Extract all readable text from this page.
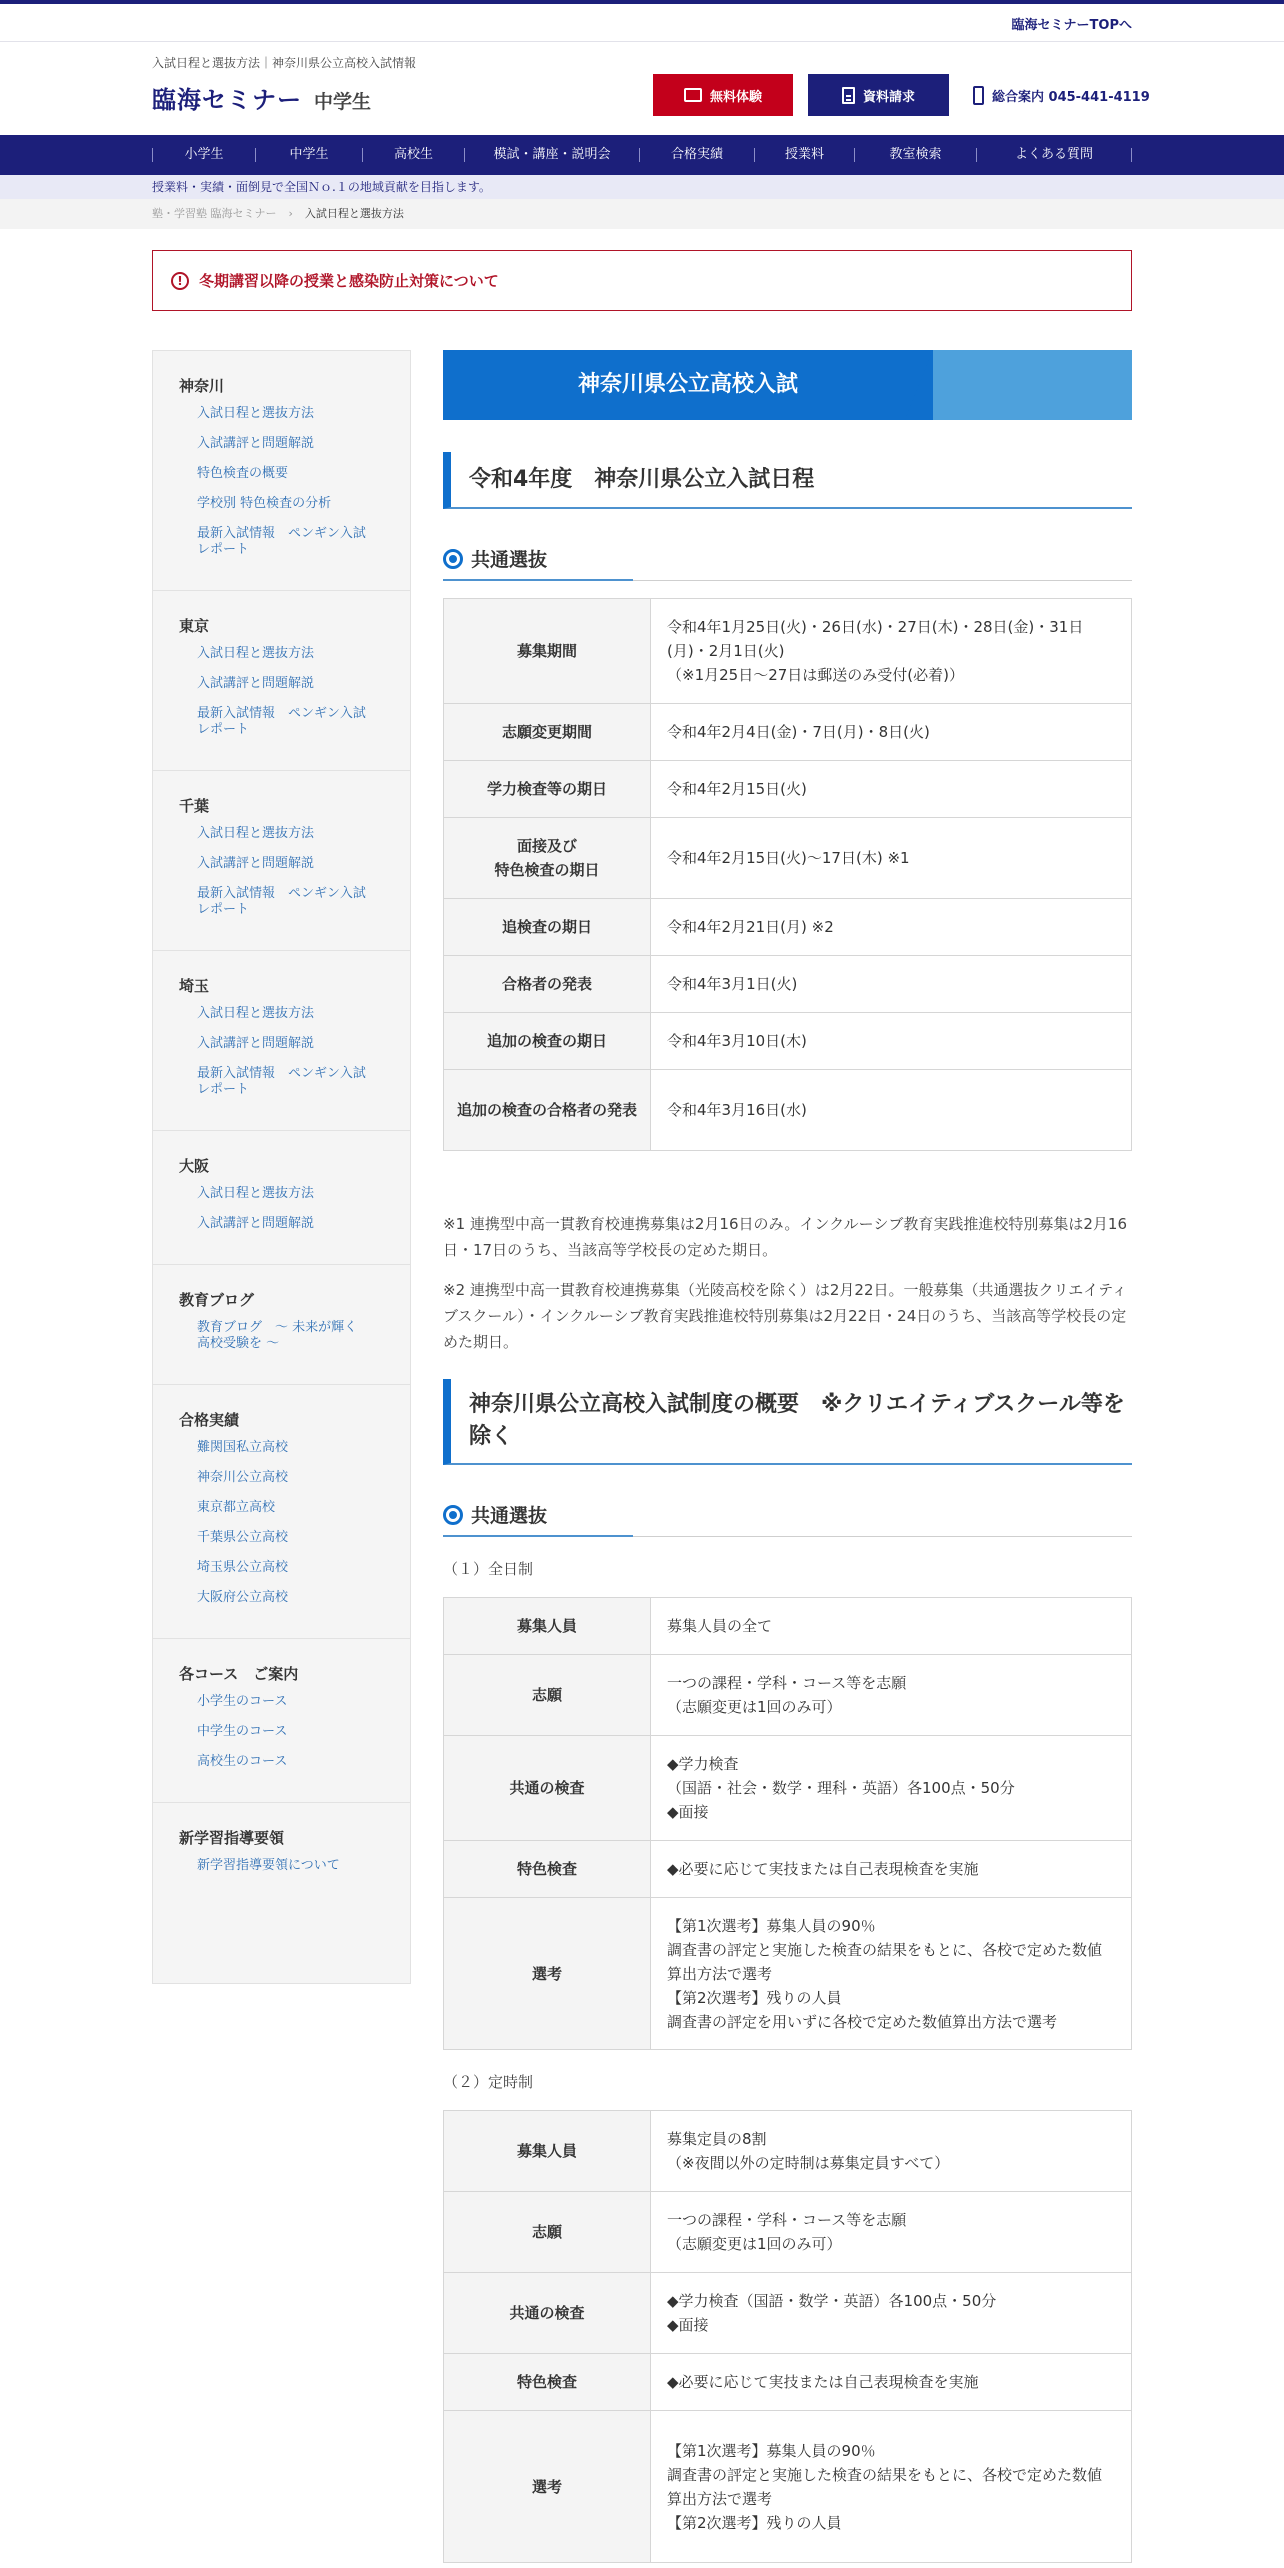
臨海セミナーTOPへ
入試日程と選抜方法｜神奈川県公立高校入試情報
臨海セミナー 中学生	無料体験	資料請求	総合案内 045-441-4119
小学生	中学生	高校生	模試・講座・説明会	合格実績	授業料	教室検索	よくある質問
授業料・実績・面倒見で全国Ｎｏ.１の地域貢献を目指します。
塾・学習塾 臨海セミナー › 入試日程と選抜方法
!	冬期講習以降の授業と感染防止対策について
神奈川
入試日程と選抜方法
入試講評と問題解説
特色検査の概要
学校別 特色検査の分析
最新入試情報　ペンギン入試レポート
東京
入試日程と選抜方法
入試講評と問題解説
最新入試情報　ペンギン入試レポート
千葉
入試日程と選抜方法
入試講評と問題解説
最新入試情報　ペンギン入試レポート
埼玉
入試日程と選抜方法
入試講評と問題解説
最新入試情報　ペンギン入試レポート
大阪
入試日程と選抜方法
入試講評と問題解説
教育ブログ
教育ブログ　～ 未来が輝く高校受験を ～
合格実績
難関国私立高校
神奈川公立高校
東京都立高校
千葉県公立高校
埼玉県公立高校
大阪府公立高校
各コース　ご案内
小学生のコース
中学生のコース
高校生のコース
新学習指導要領
新学習指導要領について
神奈川県公立高校入試
令和4年度　神奈川県公立入試日程
共通選抜
募集期間	令和4年1月25日(火)・26日(水)・27日(木)・28日(金)・31日(月)・2月1日(火)
（※1月25日～27日は郵送のみ受付(必着)）
志願変更期間	令和4年2月4日(金)・7日(月)・8日(火)
学力検査等の期日	令和4年2月15日(火)
面接及び
特色検査の期日	令和4年2月15日(火)〜17日(木) ※1
追検査の期日	令和4年2月21日(月) ※2
合格者の発表	令和4年3月1日(火)
追加の検査の期日	令和4年3月10日(木)
追加の検査の合格者の発表	令和4年3月16日(水)

※1 連携型中高一貫教育校連携募集は2月16日のみ。インクルーシブ教育実践推進校特別募集は2月16日・17日のうち、当該高等学校長の定めた期日。

※2 連携型中高一貫教育校連携募集（光陵高校を除く）は2月22日。一般募集（共通選抜クリエイティブスクール）・インクルーシブ教育実践推進校特別募集は2月22日・24日のうち、当該高等学校長の定めた期日。

神奈川県公立高校入試制度の概要　※クリエイティブスクール等を除く
共通選抜

（１）全日制

募集人員	募集人員の全て
志願	一つの課程・学科・コース等を志願
（志願変更は1回のみ可）
共通の検査	◆学力検査
（国語・社会・数学・理科・英語）各100点・50分
◆面接
特色検査	◆必要に応じて実技または自己表現検査を実施
選考	【第1次選考】募集人員の90％
調査書の評定と実施した検査の結果をもとに、各校で定めた数値算出方法で選考
【第2次選考】残りの人員
調査書の評定を用いずに各校で定めた数値算出方法で選考

（２）定時制

募集人員	募集定員の8割
（※夜間以外の定時制は募集定員すべて）
志願	一つの課程・学科・コース等を志願
（志願変更は1回のみ可）
共通の検査	◆学力検査（国語・数学・英語）各100点・50分
◆面接
特色検査	◆必要に応じて実技または自己表現検査を実施
選考	【第1次選考】募集人員の90％
調査書の評定と実施した検査の結果をもとに、各校で定めた数値算出方法で選考
【第2次選考】残りの人員
